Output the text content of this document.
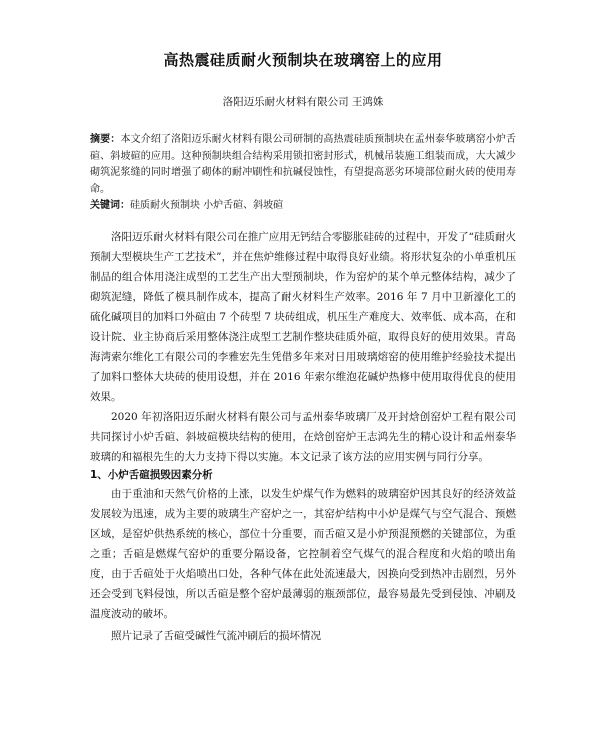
高热震硅质耐火预制块在玻璃窑上的应用

洛阳迈乐耐火材料有限公司 王鸿姝

摘要：本文介绍了洛阳迈乐耐火材料有限公司研制的高热震硅质预制块在孟州泰华玻璃窑小炉舌碹、斜坡碹的应用。这种预制块组合结构采用锁扣密封形式，机械吊装施工组装而成，大大减少砌筑泥浆缝的同时增强了砌体的耐冲刷性和抗碱侵蚀性，有望提高恶劣环境部位耐火砖的使用寿命。

关键词：硅质耐火预制块 小炉舌碹、斜坡碹

洛阳迈乐耐火材料有限公司在推广应用无钙结合零膨胀硅砖的过程中，开发了“硅质耐火预制大型模块生产工艺技术”，并在焦炉维修过程中取得良好业绩。将形状复杂的小单重机压制品的组合体用浇注成型的工艺生产出大型预制块，作为窑炉的某个单元整体结构，减少了砌筑泥缝，降低了模具制作成本，提高了耐火材料生产效率。2016 年 7 月中卫新濠化工的硫化碱项目的加料口外碹由 7 个砖型 7 块砖组成，机压生产难度大、效率低、成本高，在和设计院、业主协商后采用整体浇注成型工艺制作整块硅质外碹，取得良好的使用效果。青岛海湾索尔维化工有限公司的李雅宏先生凭借多年来对日用玻璃熔窑的使用维护经验技术提出了加料口整体大块砖的使用设想，并在 2016 年索尔维泡花碱炉热修中使用取得优良的使用效果。

2020 年初洛阳迈乐耐火材料有限公司与孟州泰华玻璃厂及开封焓创窑炉工程有限公司共同探讨小炉舌碹、斜坡碹模块结构的使用，在焓创窑炉王志鸿先生的精心设计和孟州泰华玻璃的和福根先生的大力支持下得以实施。本文记录了该方法的应用实例与同行分享。

1、小炉舌碹损毁因素分析

由于重油和天然气价格的上涨，以发生炉煤气作为燃料的玻璃窑炉因其良好的经济效益发展较为迅速，成为主要的玻璃生产窑炉之一，其窑炉结构中小炉是煤气与空气混合、预燃区域，是窑炉供热系统的核心，部位十分重要，而舌碹又是小炉预混预燃的关键部位，为重之重；舌碹是燃煤气窑炉的重要分隔设备，它控制着空气煤气的混合程度和火焰的喷出角度，由于舌碹处于火焰喷出口处，各种气体在此处流速最大，因换向受到热冲击剧烈，另外还会受到飞料侵蚀，所以舌碹是整个窑炉最薄弱的瓶颈部位，最容易最先受到侵蚀、冲刷及温度波动的破坏。

照片记录了舌碹受碱性气流冲刷后的损坏情况
